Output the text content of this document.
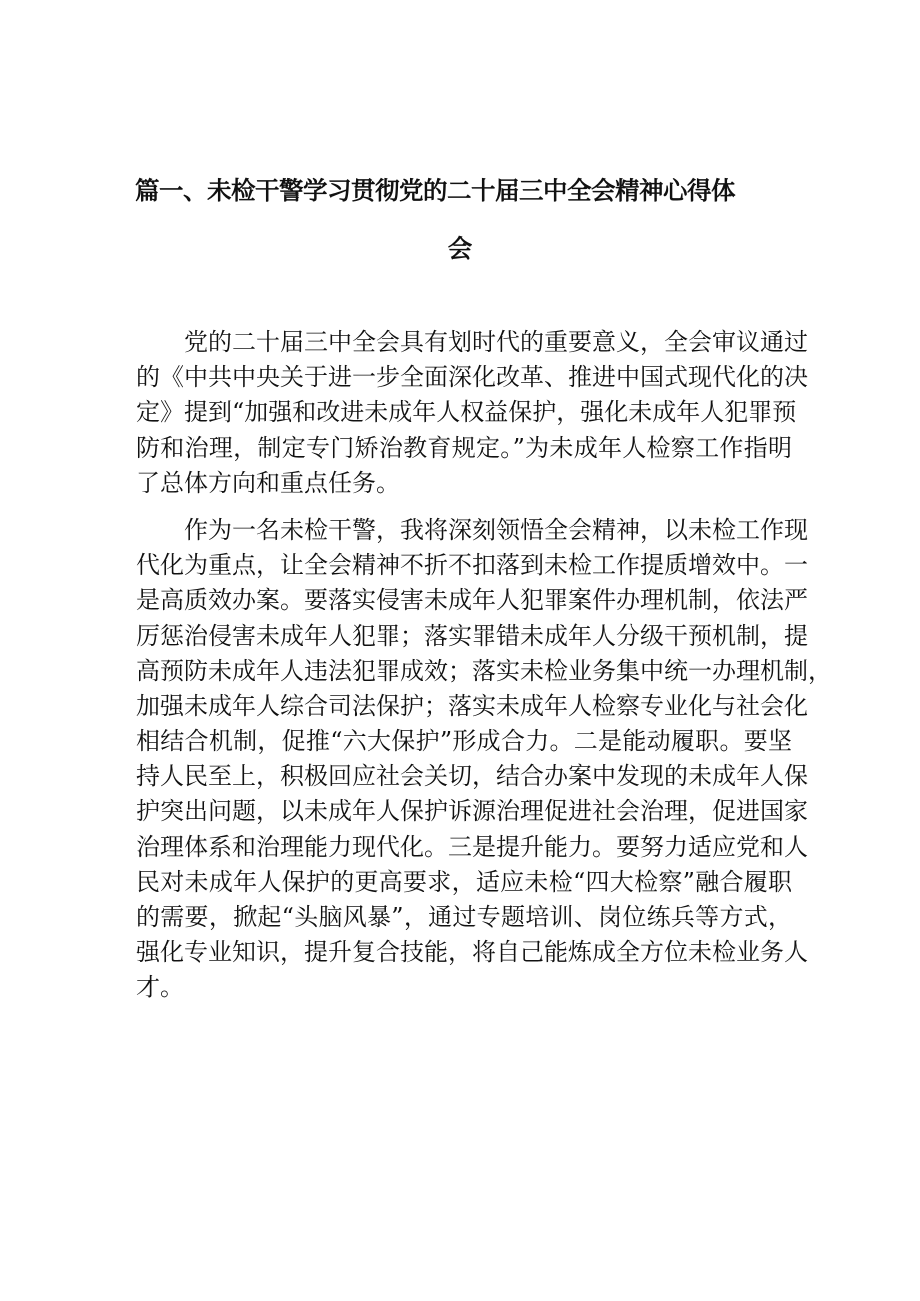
篇一、未检干警学习贯彻党的二十届三中全会精神心得体
会
党的二十届三中全会具有划时代的重要意义，全会审议通过
的《中共中央关于进一步全面深化改革、推进中国式现代化的决
定》提到“加强和改进未成年人权益保护，强化未成年人犯罪预
防和治理，制定专门矫治教育规定。”为未成年人检察工作指明
了总体方向和重点任务。
作为一名未检干警，我将深刻领悟全会精神，以未检工作现
代化为重点，让全会精神不折不扣落到未检工作提质增效中。一
是高质效办案。要落实侵害未成年人犯罪案件办理机制，依法严
厉惩治侵害未成年人犯罪；落实罪错未成年人分级干预机制，提
高预防未成年人违法犯罪成效；落实未检业务集中统一办理机制，
加强未成年人综合司法保护；落实未成年人检察专业化与社会化
相结合机制，促推“六大保护”形成合力。二是能动履职。要坚
持人民至上，积极回应社会关切，结合办案中发现的未成年人保
护突出问题，以未成年人保护诉源治理促进社会治理，促进国家
治理体系和治理能力现代化。三是提升能力。要努力适应党和人
民对未成年人保护的更高要求，适应未检“四大检察”融合履职
的需要，掀起“头脑风暴”，通过专题培训、岗位练兵等方式，
强化专业知识，提升复合技能，将自己能炼成全方位未检业务人
才。
